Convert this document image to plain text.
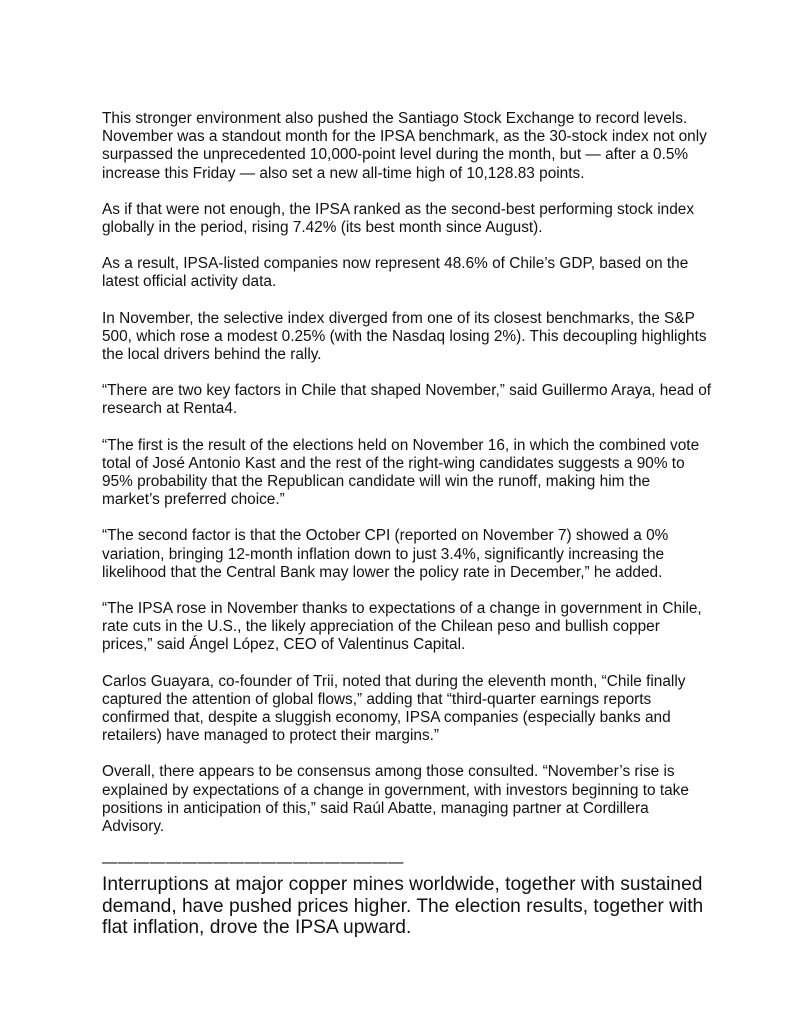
This stronger environment also pushed the Santiago Stock Exchange to record levels. November was a standout month for the IPSA benchmark, as the 30-stock index not only surpassed the unprecedented 10,000-point level during the month, but — after a 0.5% increase this Friday — also set a new all-time high of 10,128.83 points.

As if that were not enough, the IPSA ranked as the second-best performing stock index globally in the period, rising 7.42% (its best month since August).

As a result, IPSA-listed companies now represent 48.6% of Chile’s GDP, based on the latest official activity data.

In November, the selective index diverged from one of its closest benchmarks, the S&P 500, which rose a modest 0.25% (with the Nasdaq losing 2%). This decoupling highlights the local drivers behind the rally.

“There are two key factors in Chile that shaped November,” said Guillermo Araya, head of research at Renta4.

“The first is the result of the elections held on November 16, in which the combined vote total of José Antonio Kast and the rest of the right-wing candidates suggests a 90% to 95% probability that the Republican candidate will win the runoff, making him the market’s preferred choice.”

“The second factor is that the October CPI (reported on November 7) showed a 0% variation, bringing 12-month inflation down to just 3.4%, significantly increasing the likelihood that the Central Bank may lower the policy rate in December,” he added.

“The IPSA rose in November thanks to expectations of a change in government in Chile, rate cuts in the U.S., the likely appreciation of the Chilean peso and bullish copper prices,” said Ángel López, CEO of Valentinus Capital.

Carlos Guayara, co-founder of Trii, noted that during the eleventh month, “Chile finally captured the attention of global flows,” adding that “third-quarter earnings reports confirmed that, despite a sluggish economy, IPSA companies (especially banks and retailers) have managed to protect their margins.”

Overall, there appears to be consensus among those consulted. “November’s rise is explained by expectations of a change in government, with investors beginning to take positions in anticipation of this,” said Raúl Abatte, managing partner at Cordillera Advisory.

———————————————————

Interruptions at major copper mines worldwide, together with sustained demand, have pushed prices higher. The election results, together with flat inflation, drove the IPSA upward.
